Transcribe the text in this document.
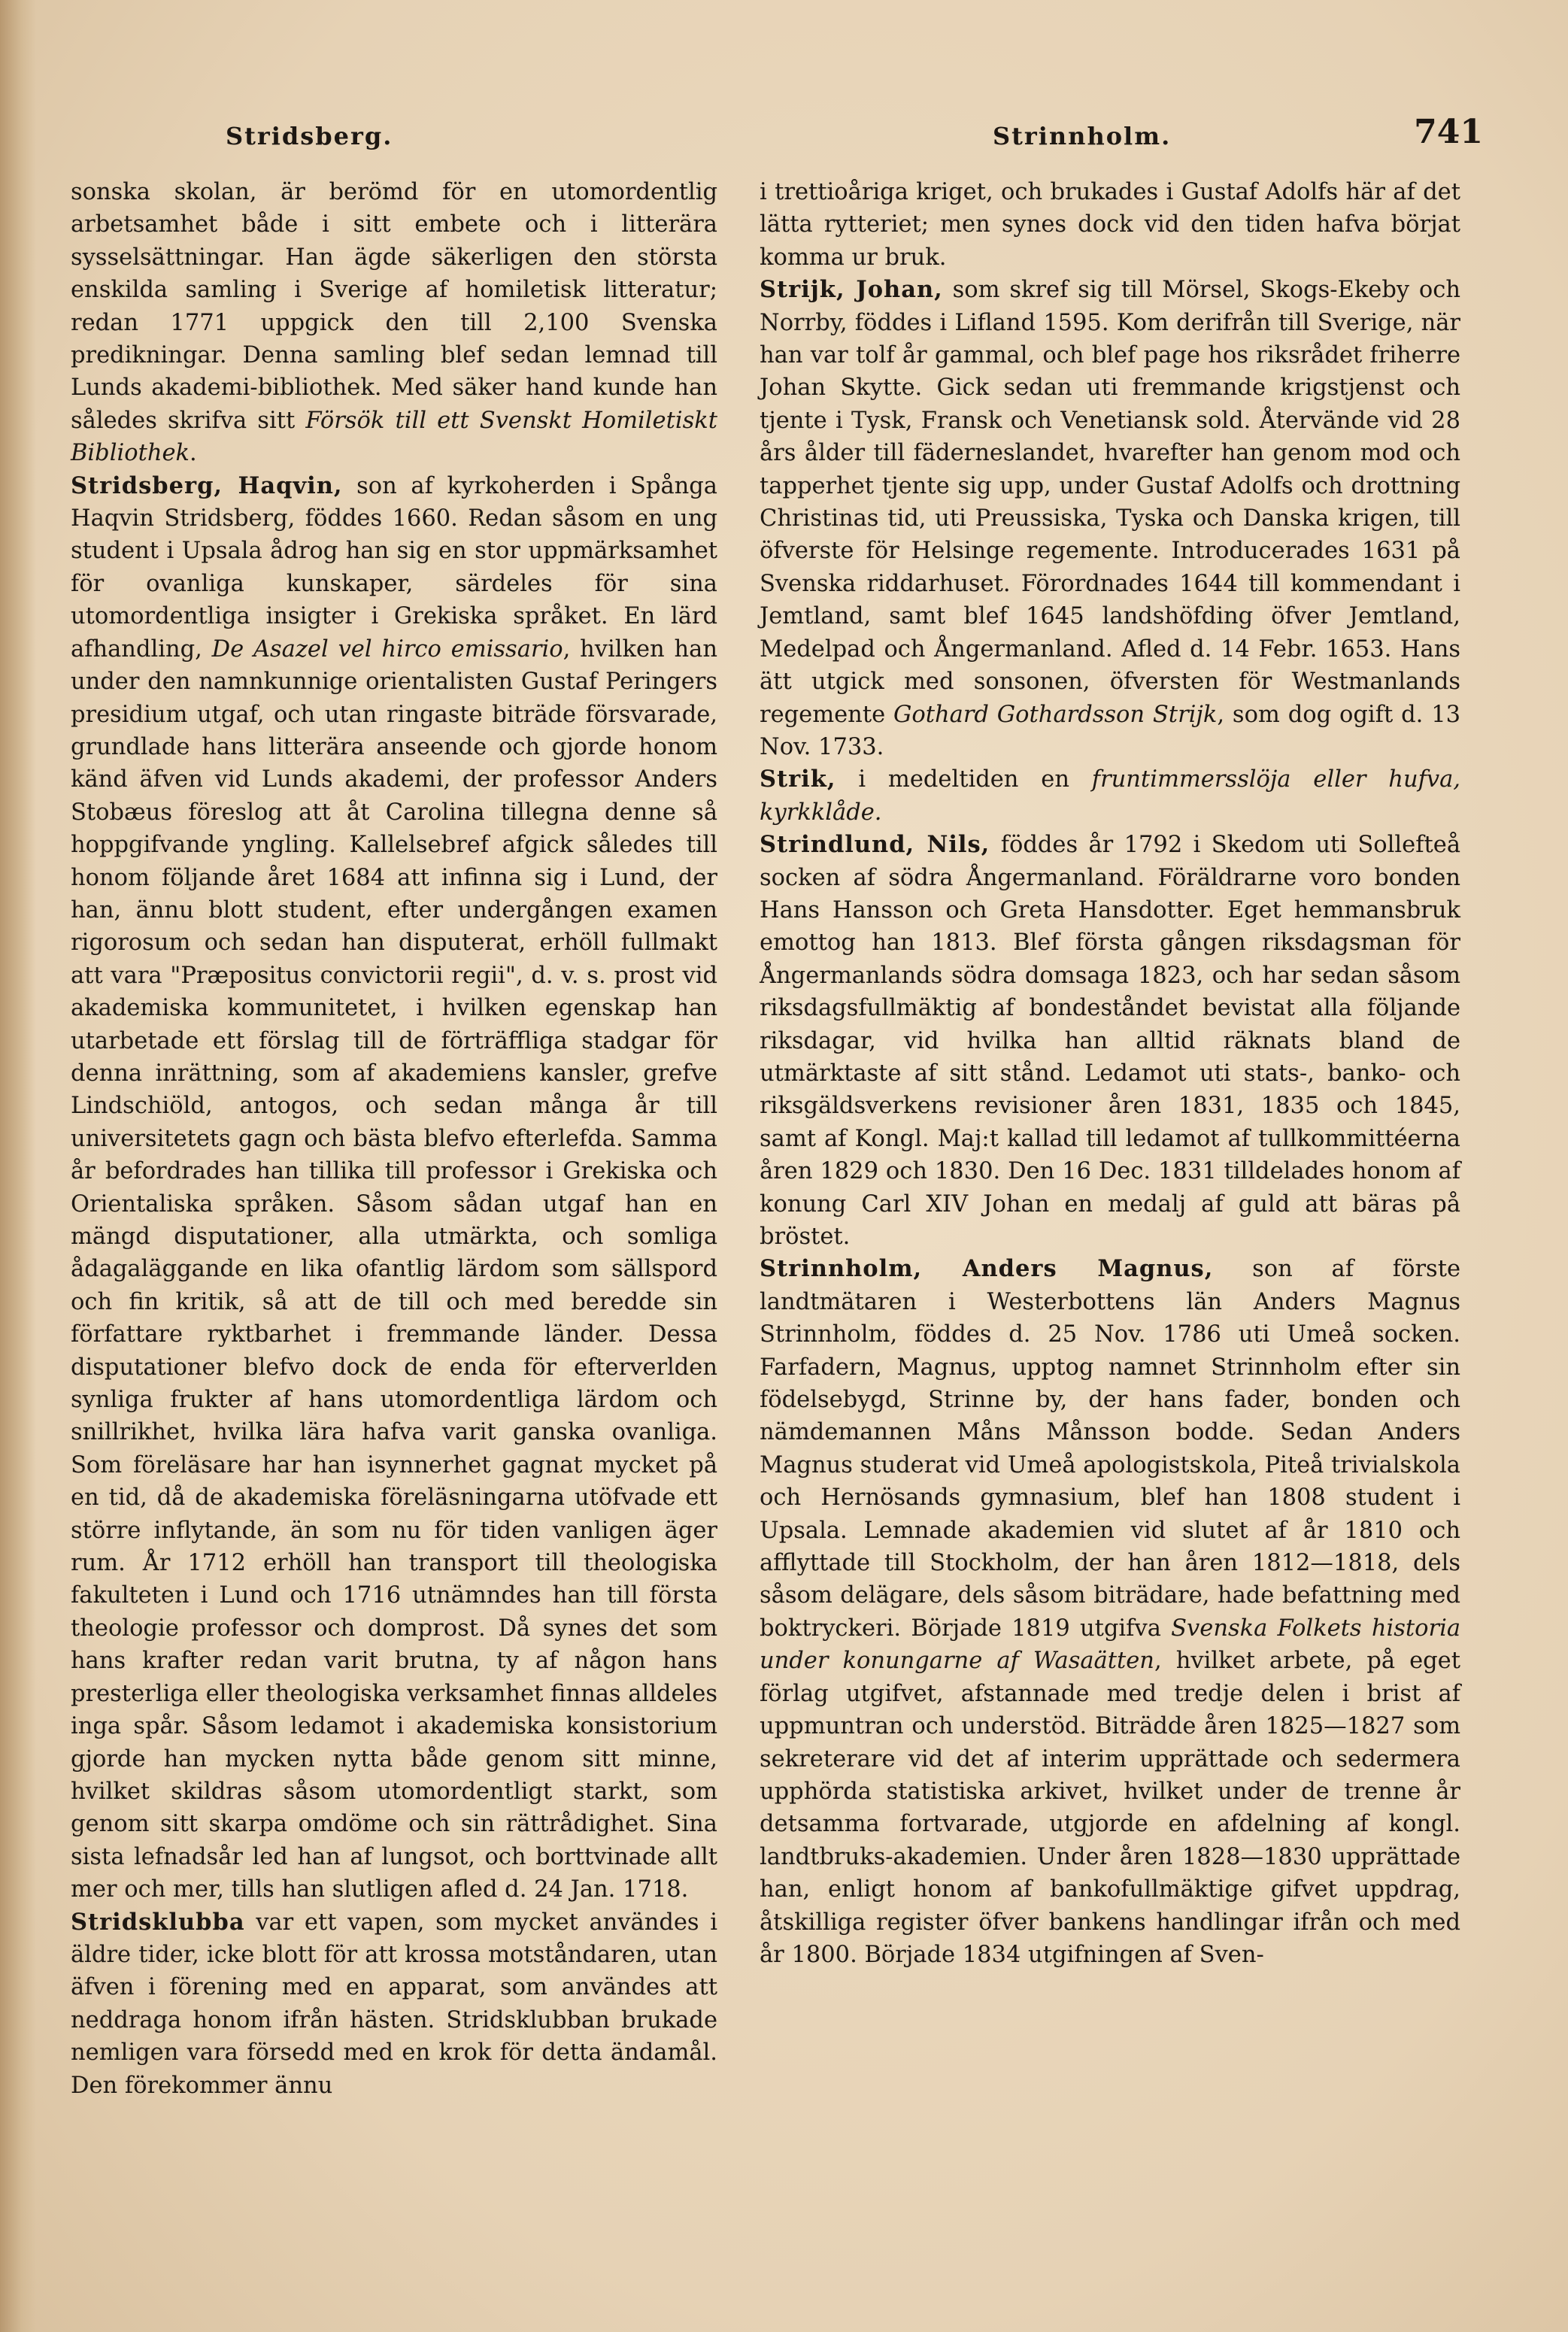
Stridsberg.	Strinnholm.	741

sonska skolan, är berömd för en utomordentlig arbetsamhet både i sitt embete och i litterära sysselsättningar. Han ägde säkerligen den största enskilda samling i Sverige af homiletisk litteratur; redan 1771 uppgick den till 2,100 Svenska predikningar. Denna samling blef sedan lemnad till Lunds akademi-bibliothek. Med säker hand kunde han således skrifva sitt Försök till ett Svenskt Homiletiskt Bibliothek.

Stridsberg, Haqvin, son af kyrkoherden i Spånga Haqvin Stridsberg, föddes 1660. Redan såsom en ung student i Upsala ådrog han sig en stor uppmärksamhet för ovanliga kunskaper, särdeles för sina utomordentliga insigter i Grekiska språket. En lärd afhandling, De Asazel vel hirco emissario, hvilken han under den namnkunnige orientalisten Gustaf Peringers presidium utgaf, och utan ringaste biträde försvarade, grundlade hans litterära anseende och gjorde honom känd äfven vid Lunds akademi, der professor Anders Stobæus föreslog att åt Carolina tillegna denne så hoppgifvande yngling. Kallelsebref afgick således till honom följande året 1684 att infinna sig i Lund, der han, ännu blott student, efter undergången examen rigorosum och sedan han disputerat, erhöll fullmakt att vara "Præpositus convictorii regii", d. v. s. prost vid akademiska kommunitetet, i hvilken egenskap han utarbetade ett förslag till de förträffliga stadgar för denna inrättning, som af akademiens kansler, grefve Lindschiöld, antogos, och sedan många år till universitetets gagn och bästa blefvo efterlefda. Samma år befordrades han tillika till professor i Grekiska och Orientaliska språken. Såsom sådan utgaf han en mängd disputationer, alla utmärkta, och somliga ådagaläggande en lika ofantlig lärdom som sällspord och fin kritik, så att de till och med beredde sin författare ryktbarhet i fremmande länder. Dessa disputationer blefvo dock de enda för efterverlden synliga frukter af hans utomordentliga lärdom och snillrikhet, hvilka lära hafva varit ganska ovanliga. Som föreläsare har han isynnerhet gagnat mycket på en tid, då de akademiska föreläsningarna utöfvade ett större inflytande, än som nu för tiden vanligen äger rum. År 1712 erhöll han transport till theologiska fakulteten i Lund och 1716 utnämndes han till första theologie professor och domprost. Då synes det som hans krafter redan varit brutna, ty af någon hans presterliga eller theologiska verksamhet finnas alldeles inga spår. Såsom ledamot i akademiska konsistorium gjorde han mycken nytta både genom sitt minne, hvilket skildras såsom utomordentligt starkt, som genom sitt skarpa omdöme och sin rättrådighet. Sina sista lefnadsår led han af lungsot, och borttvinade allt mer och mer, tills han slutligen afled d. 24 Jan. 1718.

Stridsklubba var ett vapen, som mycket användes i äldre tider, icke blott för att krossa motståndaren, utan äfven i förening med en apparat, som användes att neddraga honom ifrån hästen. Stridsklubban brukade nemligen vara försedd med en krok för detta ändamål. Den förekommer ännu

i trettioåriga kriget, och brukades i Gustaf Adolfs här af det lätta rytteriet; men synes dock vid den tiden hafva börjat komma ur bruk.

Strijk, Johan, som skref sig till Mörsel, Skogs-Ekeby och Norrby, föddes i Lifland 1595. Kom derifrån till Sverige, när han var tolf år gammal, och blef page hos riksrådet friherre Johan Skytte. Gick sedan uti fremmande krigstjenst och tjente i Tysk, Fransk och Venetiansk sold. Återvände vid 28 års ålder till fäderneslandet, hvarefter han genom mod och tapperhet tjente sig upp, under Gustaf Adolfs och drottning Christinas tid, uti Preussiska, Tyska och Danska krigen, till öfverste för Helsinge regemente. Introducerades 1631 på Svenska riddarhuset. Förordnades 1644 till kommendant i Jemtland, samt blef 1645 landshöfding öfver Jemtland, Medelpad och Ångermanland. Afled d. 14 Febr. 1653. Hans ätt utgick med sonsonen, öfversten för Westmanlands regemente Gothard Gothardsson Strijk, som dog ogift d. 13 Nov. 1733.

Strik, i medeltiden en fruntimmersslöja eller hufva, kyrkklåde.

Strindlund, Nils, föddes år 1792 i Skedom uti Sollefteå socken af södra Ångermanland. Föräldrarne voro bonden Hans Hansson och Greta Hansdotter. Eget hemmansbruk emottog han 1813. Blef första gången riksdagsman för Ångermanlands södra domsaga 1823, och har sedan såsom riksdagsfullmäktig af bondeståndet bevistat alla följande riksdagar, vid hvilka han alltid räknats bland de utmärktaste af sitt stånd. Ledamot uti stats-, banko- och riksgäldsverkens revisioner åren 1831, 1835 och 1845, samt af Kongl. Maj:t kallad till ledamot af tullkommittéerna åren 1829 och 1830. Den 16 Dec. 1831 tilldelades honom af konung Carl XIV Johan en medalj af guld att bäras på bröstet.

Strinnholm, Anders Magnus, son af förste landtmätaren i Westerbottens län Anders Magnus Strinnholm, föddes d. 25 Nov. 1786 uti Umeå socken. Farfadern, Magnus, upptog namnet Strinnholm efter sin födelsebygd, Strinne by, der hans fader, bonden och nämdemannen Måns Månsson bodde. Sedan Anders Magnus studerat vid Umeå apologistskola, Piteå trivialskola och Hernösands gymnasium, blef han 1808 student i Upsala. Lemnade akademien vid slutet af år 1810 och afflyttade till Stockholm, der han åren 1812—1818, dels såsom delägare, dels såsom biträdare, hade befattning med boktryckeri. Började 1819 utgifva Svenska Folkets historia under konungarne af Wasaätten, hvilket arbete, på eget förlag utgifvet, afstannade med tredje delen i brist af uppmuntran och understöd. Biträdde åren 1825—1827 som sekreterare vid det af interim upprättade och sedermera upphörda statistiska arkivet, hvilket under de trenne år detsamma fortvarade, utgjorde en afdelning af kongl. landtbruks-akademien. Under åren 1828—1830 upprättade han, enligt honom af bankofullmäktige gifvet uppdrag, åtskilliga register öfver bankens handlingar ifrån och med år 1800. Började 1834 utgifningen af Sven-
